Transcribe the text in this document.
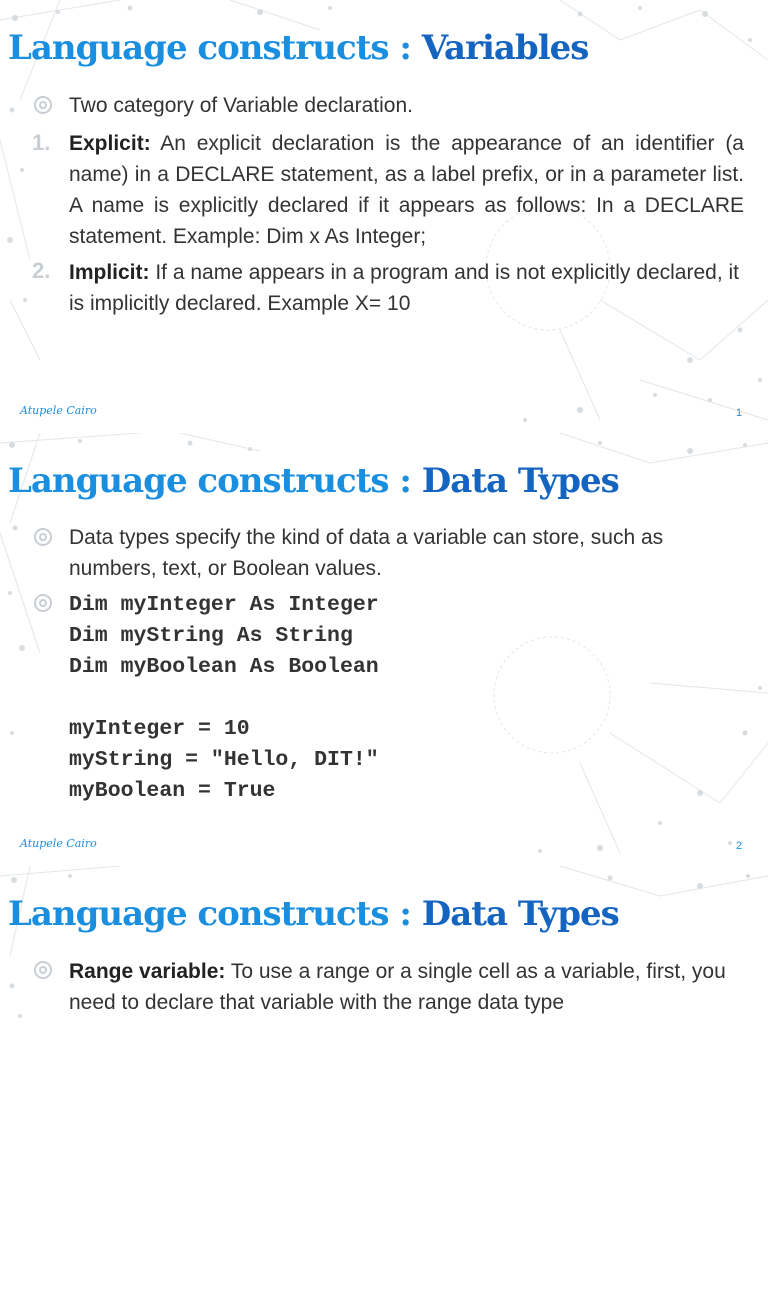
Language constructs : Variables

Two category of Variable declaration.

1. Explicit: An explicit declaration is the appearance of an identifier (a name) in a DECLARE statement, as a label prefix, or in a parameter list. A name is explicitly declared if it appears as follows: In a DECLARE statement. Example: Dim x As Integer;

2. Implicit: If a name appears in a program and is not explicitly declared, it is implicitly declared. Example X= 10

Atupele Cairo	1
Language constructs : Data Types

Data types specify the kind of data a variable can store, such as numbers, text, or Boolean values.

Dim myInteger As Integer
Dim myString As String
Dim myBoolean As Boolean

myInteger = 10
myString = "Hello, DIT!"
myBoolean = True
Atupele Cairo	2
Language constructs : Data Types

Range variable: To use a range or a single cell as a variable, first, you need to declare that variable with the range data type
